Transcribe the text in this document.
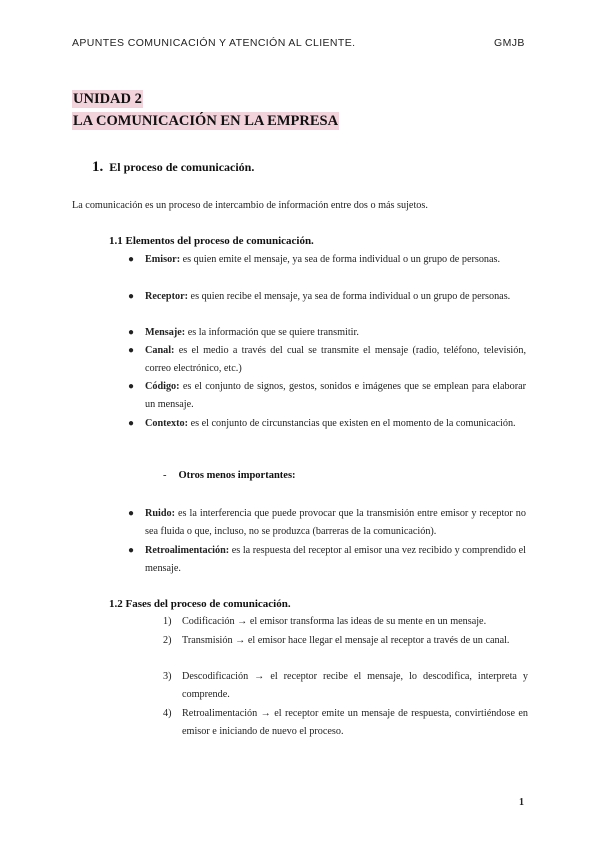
APUNTES COMUNICACIÓN Y ATENCIÓN AL CLIENTE.	GMJB
UNIDAD 2
LA COMUNICACIÓN EN LA EMPRESA
1. El proceso de comunicación.
La comunicación es un proceso de intercambio de información entre dos o más sujetos.
1.1 Elementos del proceso de comunicación.
● Emisor: es quien emite el mensaje, ya sea de forma individual o un grupo de personas.
● Receptor: es quien recibe el mensaje, ya sea de forma individual o un grupo de personas.
● Mensaje: es la información que se quiere transmitir.
● Canal: es el medio a través del cual se transmite el mensaje (radio, teléfono, televisión, correo electrónico, etc.)
● Código: es el conjunto de signos, gestos, sonidos e imágenes que se emplean para elaborar un mensaje.
● Contexto: es el conjunto de circunstancias que existen en el momento de la comunicación.
- Otros menos importantes:
● Ruido: es la interferencia que puede provocar que la transmisión entre emisor y receptor no sea fluida o que, incluso, no se produzca (barreras de la comunicación).
● Retroalimentación: es la respuesta del receptor al emisor una vez recibido y comprendido el mensaje.
1.2 Fases del proceso de comunicación.
1) Codificación → el emisor transforma las ideas de su mente en un mensaje.
2) Transmisión → el emisor hace llegar el mensaje al receptor a través de un canal.
3) Descodificación → el receptor recibe el mensaje, lo descodifica, interpreta y comprende.
4) Retroalimentación → el receptor emite un mensaje de respuesta, convirtiéndose en emisor e iniciando de nuevo el proceso.
1
